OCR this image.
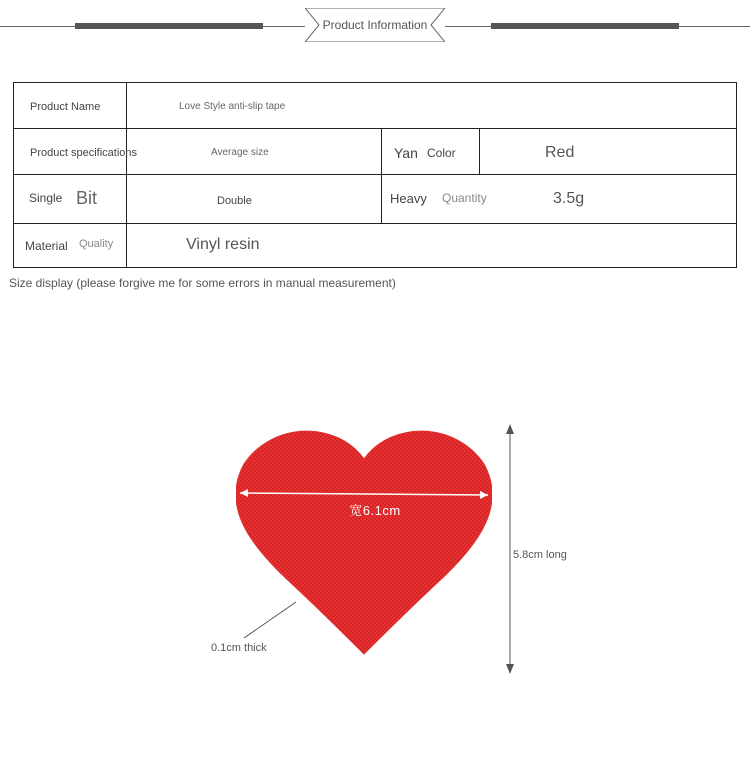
Product Information
Product Name	Love Style anti-slip tape
Product specifications	Average size	Yan Color	Red
Single Bit	Double	Heavy Quantity	3.5g
Material Quality	Vinyl resin
Size display (please forgive me for some errors in manual measurement)
宽6.1cm
5.8cm long
0.1cm thick
